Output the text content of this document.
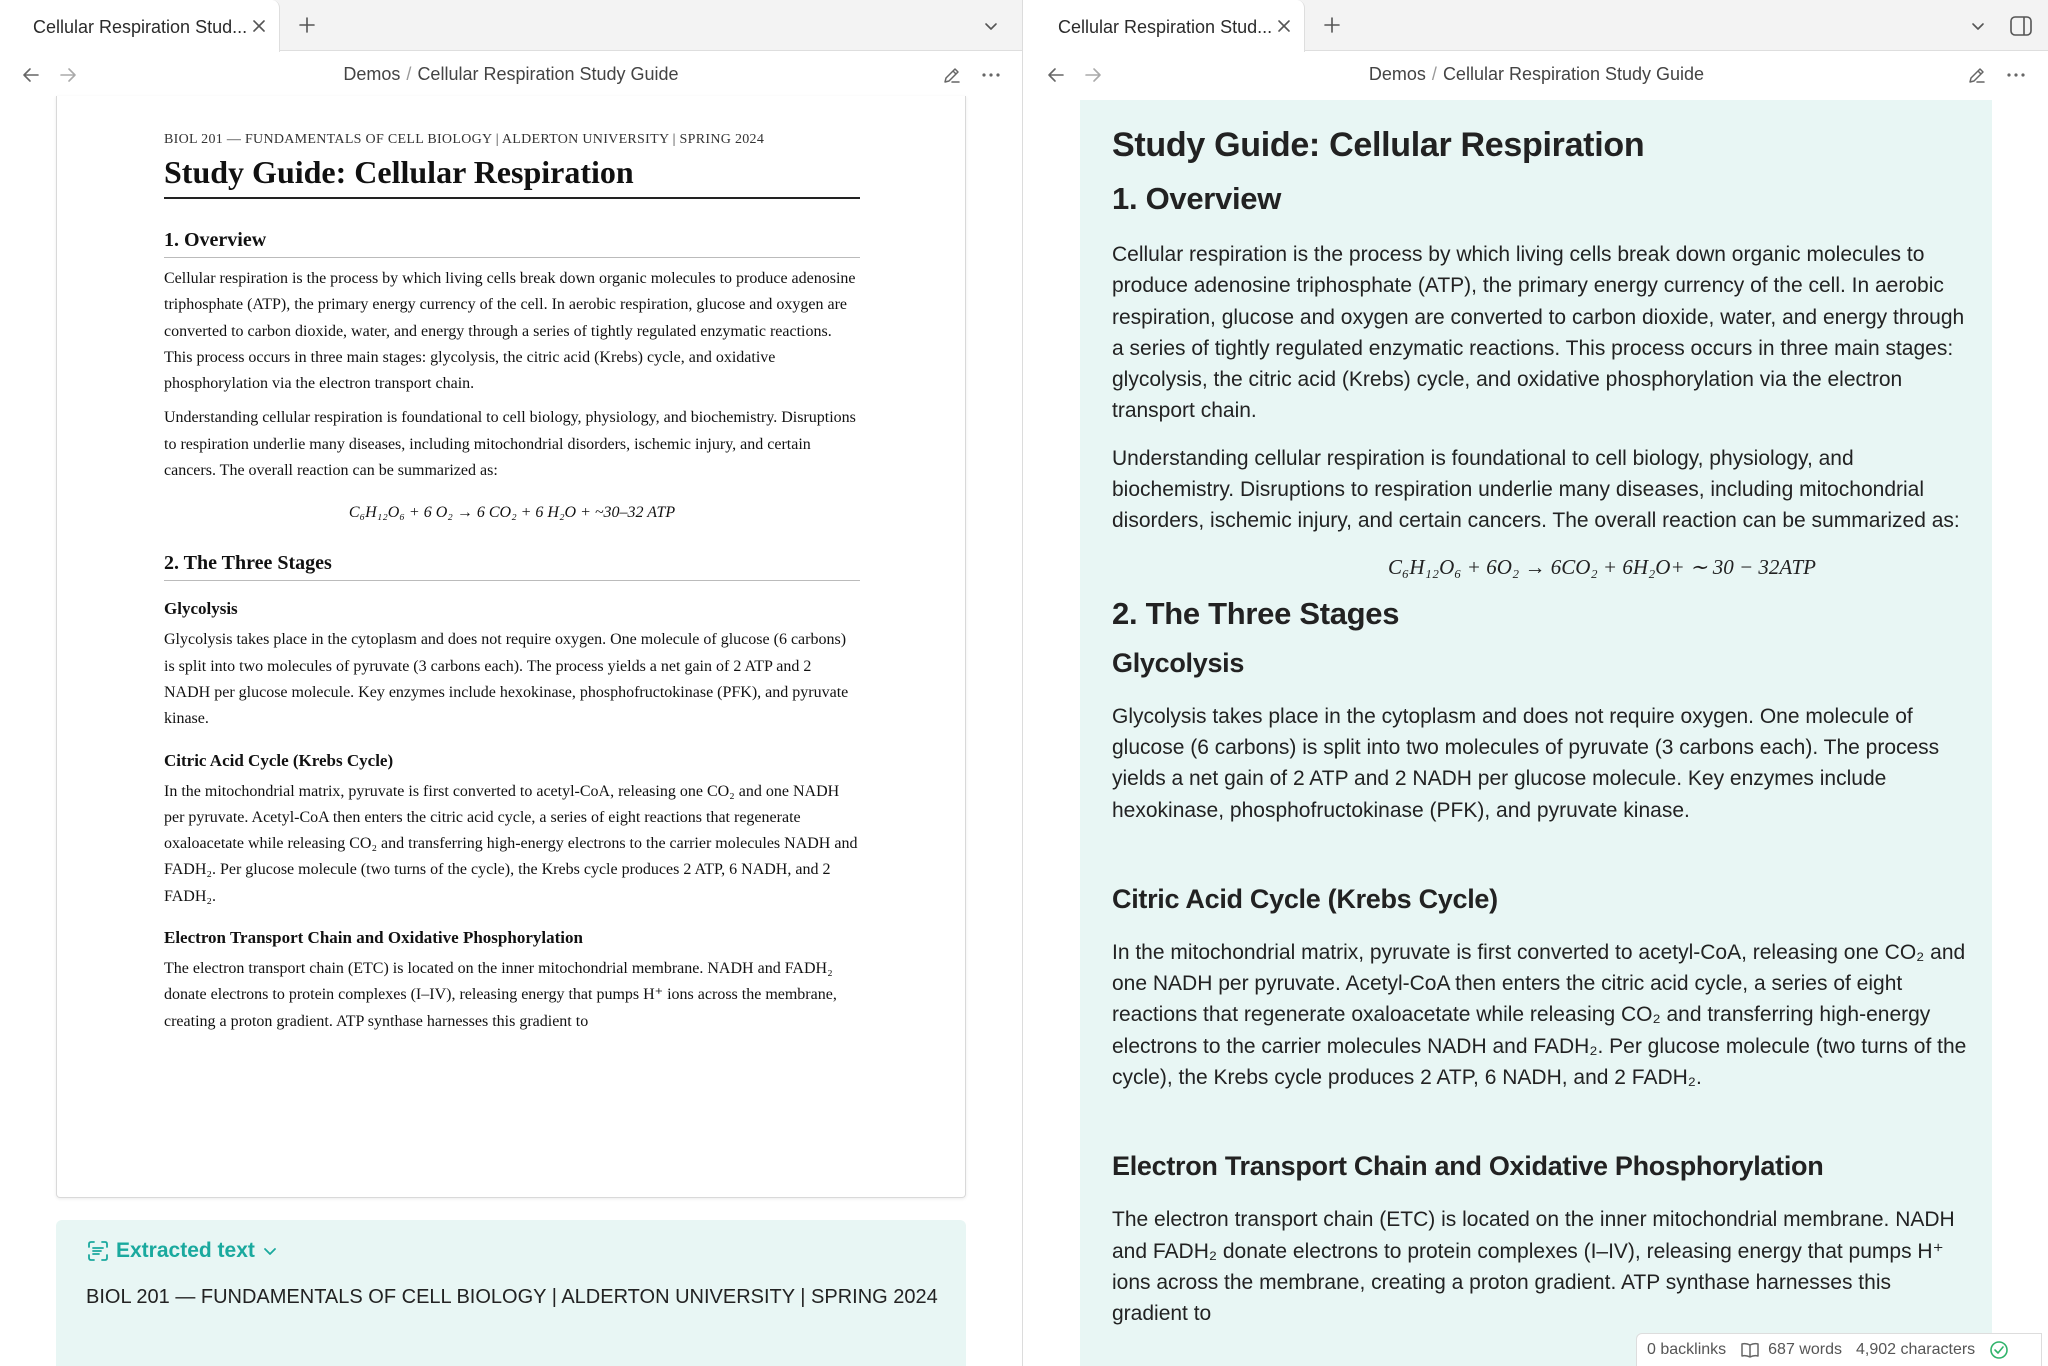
Cellular Respiration Stud...
Demos / Cellular Respiration Study Guide
BIOL 201 — FUNDAMENTALS OF CELL BIOLOGY | ALDERTON UNIVERSITY | SPRING 2024
Study Guide: Cellular Respiration
1. Overview

Cellular respiration is the process by which living cells break down organic molecules to produce adenosine triphosphate (ATP), the primary energy currency of the cell. In aerobic respiration, glucose and oxygen are converted to carbon dioxide, water, and energy through a series of tightly regulated enzymatic reactions. This process occurs in three main stages: glycolysis, the citric acid (Krebs) cycle, and oxidative phosphorylation via the electron transport chain.

Understanding cellular respiration is foundational to cell biology, physiology, and biochemistry. Disruptions to respiration underlie many diseases, including mitochondrial disorders, ischemic injury, and certain cancers. The overall reaction can be summarized as:

C₆H₁₂O₆ + 6 O₂ → 6 CO₂ + 6 H₂O + ~30–32 ATP
2. The Three Stages
Glycolysis

Glycolysis takes place in the cytoplasm and does not require oxygen. One molecule of glucose (6 carbons) is split into two molecules of pyruvate (3 carbons each). The process yields a net gain of 2 ATP and 2 NADH per glucose molecule. Key enzymes include hexokinase, phosphofructokinase (PFK), and pyruvate kinase.

Citric Acid Cycle (Krebs Cycle)

In the mitochondrial matrix, pyruvate is first converted to acetyl-CoA, releasing one CO₂ and one NADH per pyruvate. Acetyl-CoA then enters the citric acid cycle, a series of eight reactions that regenerate oxaloacetate while releasing CO₂ and transferring high-energy electrons to the carrier molecules NADH and FADH₂. Per glucose molecule (two turns of the cycle), the Krebs cycle produces 2 ATP, 6 NADH, and 2 FADH₂.

Electron Transport Chain and Oxidative Phosphorylation

The electron transport chain (ETC) is located on the inner mitochondrial membrane. NADH and FADH₂ donate electrons to protein complexes (I–IV), releasing energy that pumps H⁺ ions across the membrane, creating a proton gradient. ATP synthase harnesses this gradient to

Extracted text
BIOL 201 — FUNDAMENTALS OF CELL BIOLOGY | ALDERTON UNIVERSITY | SPRING 2024
Cellular Respiration Stud...
Demos / Cellular Respiration Study Guide
Study Guide: Cellular Respiration
1. Overview

Cellular respiration is the process by which living cells break down organic molecules to produce adenosine triphosphate (ATP), the primary energy currency of the cell. In aerobic respiration, glucose and oxygen are converted to carbon dioxide, water, and energy through a series of tightly regulated enzymatic reactions. This process occurs in three main stages: glycolysis, the citric acid (Krebs) cycle, and oxidative phosphorylation via the electron transport chain.

Understanding cellular respiration is foundational to cell biology, physiology, and biochemistry. Disruptions to respiration underlie many diseases, including mitochondrial disorders, ischemic injury, and certain cancers. The overall reaction can be summarized as:

C₆H₁₂O₆ + 6O₂ → 6CO₂ + 6H₂O+ ∼ 30 − 32ATP
2. The Three Stages
Glycolysis

Glycolysis takes place in the cytoplasm and does not require oxygen. One molecule of glucose (6 carbons) is split into two molecules of pyruvate (3 carbons each). The process yields a net gain of 2 ATP and 2 NADH per glucose molecule. Key enzymes include hexokinase, phosphofructokinase (PFK), and pyruvate kinase.

Citric Acid Cycle (Krebs Cycle)

In the mitochondrial matrix, pyruvate is first converted to acetyl-CoA, releasing one CO₂ and one NADH per pyruvate. Acetyl-CoA then enters the citric acid cycle, a series of eight reactions that regenerate oxaloacetate while releasing CO₂ and transferring high-energy electrons to the carrier molecules NADH and FADH₂. Per glucose molecule (two turns of the cycle), the Krebs cycle produces 2 ATP, 6 NADH, and 2 FADH₂.

Electron Transport Chain and Oxidative Phosphorylation

The electron transport chain (ETC) is located on the inner mitochondrial membrane. NADH and FADH₂ donate electrons to protein complexes (I–IV), releasing energy that pumps H⁺ ions across the membrane, creating a proton gradient. ATP synthase harnesses this gradient to

0 backlinks	687 words 4,902 characters
